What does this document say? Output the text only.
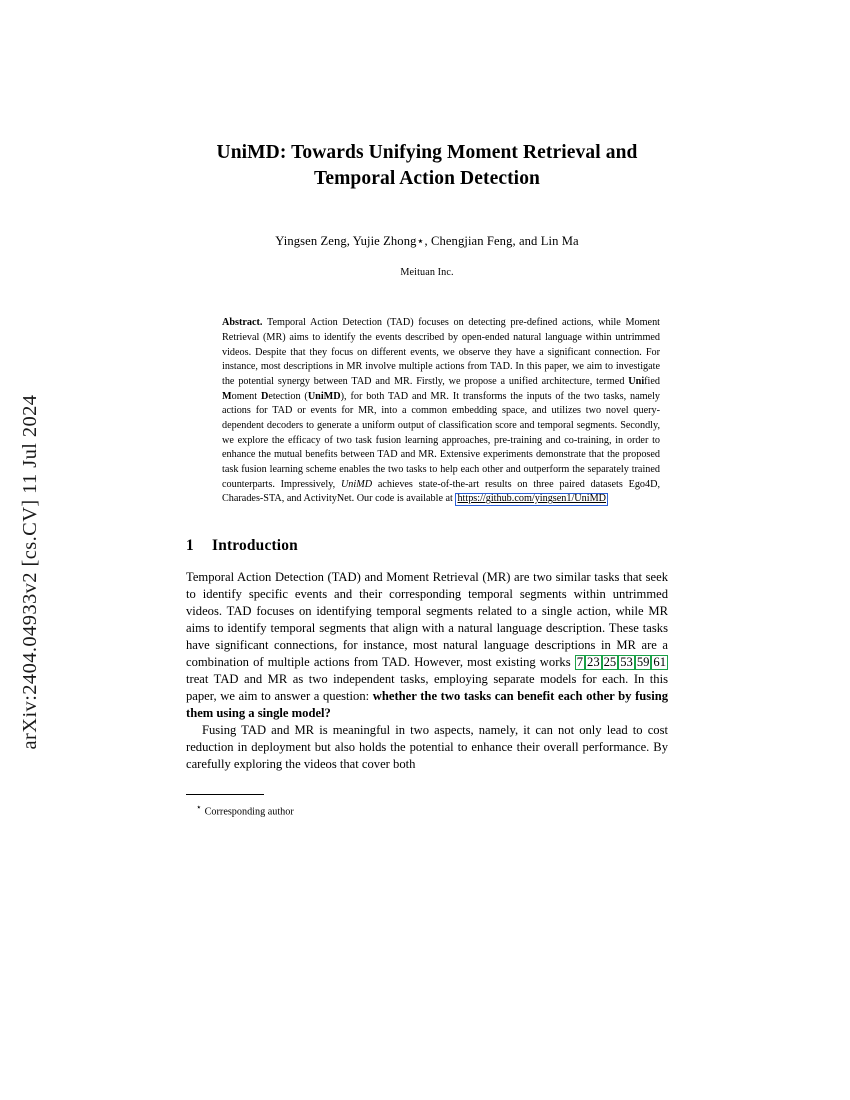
arXiv:2404.04933v2 [cs.CV] 11 Jul 2024
UniMD: Towards Unifying Moment Retrieval and Temporal Action Detection
Yingsen Zeng, Yujie Zhong⋆, Chengjian Feng, and Lin Ma
Meituan Inc.
Abstract. Temporal Action Detection (TAD) focuses on detecting pre-defined actions, while Moment Retrieval (MR) aims to identify the events described by open-ended natural language within untrimmed videos. Despite that they focus on different events, we observe they have a significant connection. For instance, most descriptions in MR involve multiple actions from TAD. In this paper, we aim to investigate the potential synergy between TAD and MR. Firstly, we propose a unified architecture, termed Unified Moment Detection (UniMD), for both TAD and MR. It transforms the inputs of the two tasks, namely actions for TAD or events for MR, into a common embedding space, and utilizes two novel query-dependent decoders to generate a uniform output of classification score and temporal segments. Secondly, we explore the efficacy of two task fusion learning approaches, pre-training and co-training, in order to enhance the mutual benefits between TAD and MR. Extensive experiments demonstrate that the proposed task fusion learning scheme enables the two tasks to help each other and outperform the separately trained counterparts. Impressively, UniMD achieves state-of-the-art results on three paired datasets Ego4D, Charades-STA, and ActivityNet. Our code is available at https://github.com/yingsen1/UniMD
1 Introduction

Temporal Action Detection (TAD) and Moment Retrieval (MR) are two similar tasks that seek to identify specific events and their corresponding temporal segments within untrimmed videos. TAD focuses on identifying temporal segments related to a single action, while MR aims to identify temporal segments that align with a natural language description. These tasks have significant connections, for instance, most natural language descriptions in MR are a combination of multiple actions from TAD. However, most existing works 7 23 25 53 59 61 treat TAD and MR as two independent tasks, employing separate models for each. In this paper, we aim to answer a question: whether the two tasks can benefit each other by fusing them using a single model?

Fusing TAD and MR is meaningful in two aspects, namely, it can not only lead to cost reduction in deployment but also holds the potential to enhance their overall performance. By carefully exploring the videos that cover both

⋆ Corresponding author
